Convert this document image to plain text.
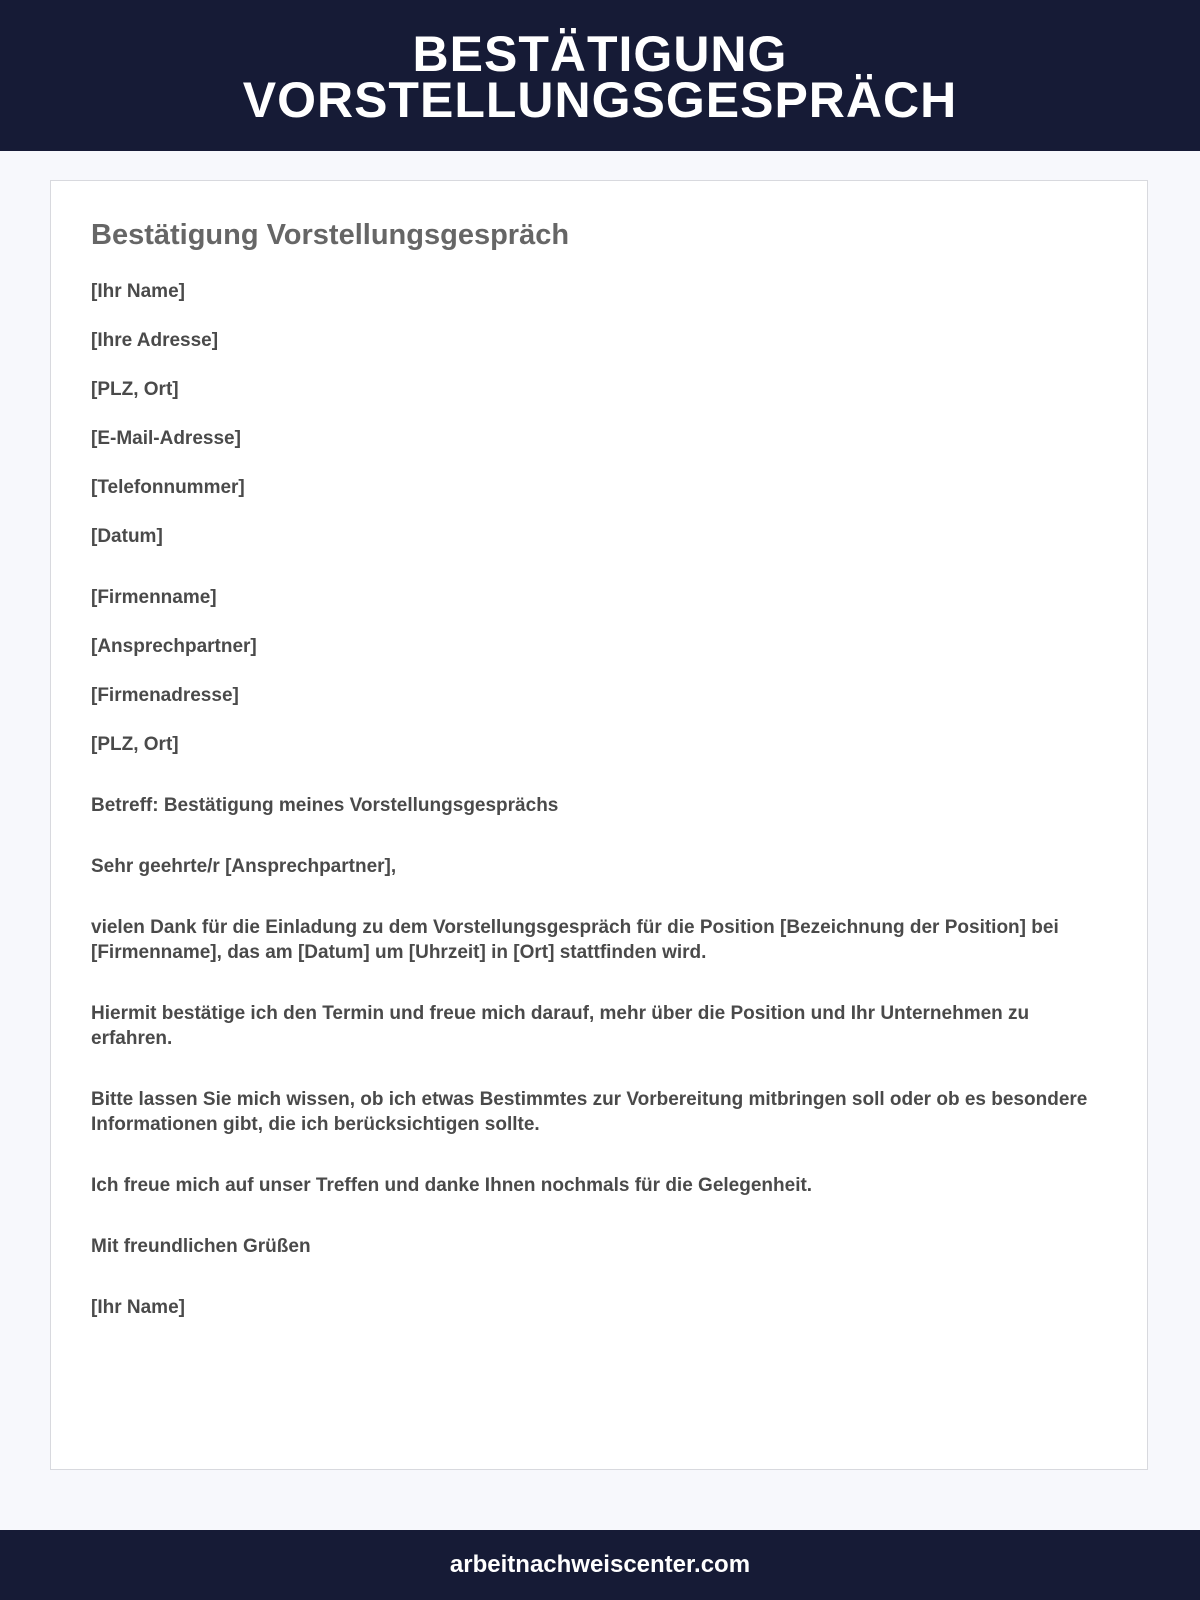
BESTÄTIGUNG
VORSTELLUNGSGESPRÄCH
Bestätigung Vorstellungsgespräch

[Ihr Name]

[Ihre Adresse]

[PLZ, Ort]

[E-Mail-Adresse]

[Telefonnummer]

[Datum]

[Firmenname]

[Ansprechpartner]

[Firmenadresse]

[PLZ, Ort]

Betreff: Bestätigung meines Vorstellungsgesprächs

Sehr geehrte/r [Ansprechpartner],

vielen Dank für die Einladung zu dem Vorstellungsgespräch für die Position [Bezeichnung der Position] bei [Firmenname], das am [Datum] um [Uhrzeit] in [Ort] stattfinden wird.

Hiermit bestätige ich den Termin und freue mich darauf, mehr über die Position und Ihr Unternehmen zu erfahren.

Bitte lassen Sie mich wissen, ob ich etwas Bestimmtes zur Vorbereitung mitbringen soll oder ob es besondere Informationen gibt, die ich berücksichtigen sollte.

Ich freue mich auf unser Treffen und danke Ihnen nochmals für die Gelegenheit.

Mit freundlichen Grüßen

[Ihr Name]

arbeitnachweiscenter.com
